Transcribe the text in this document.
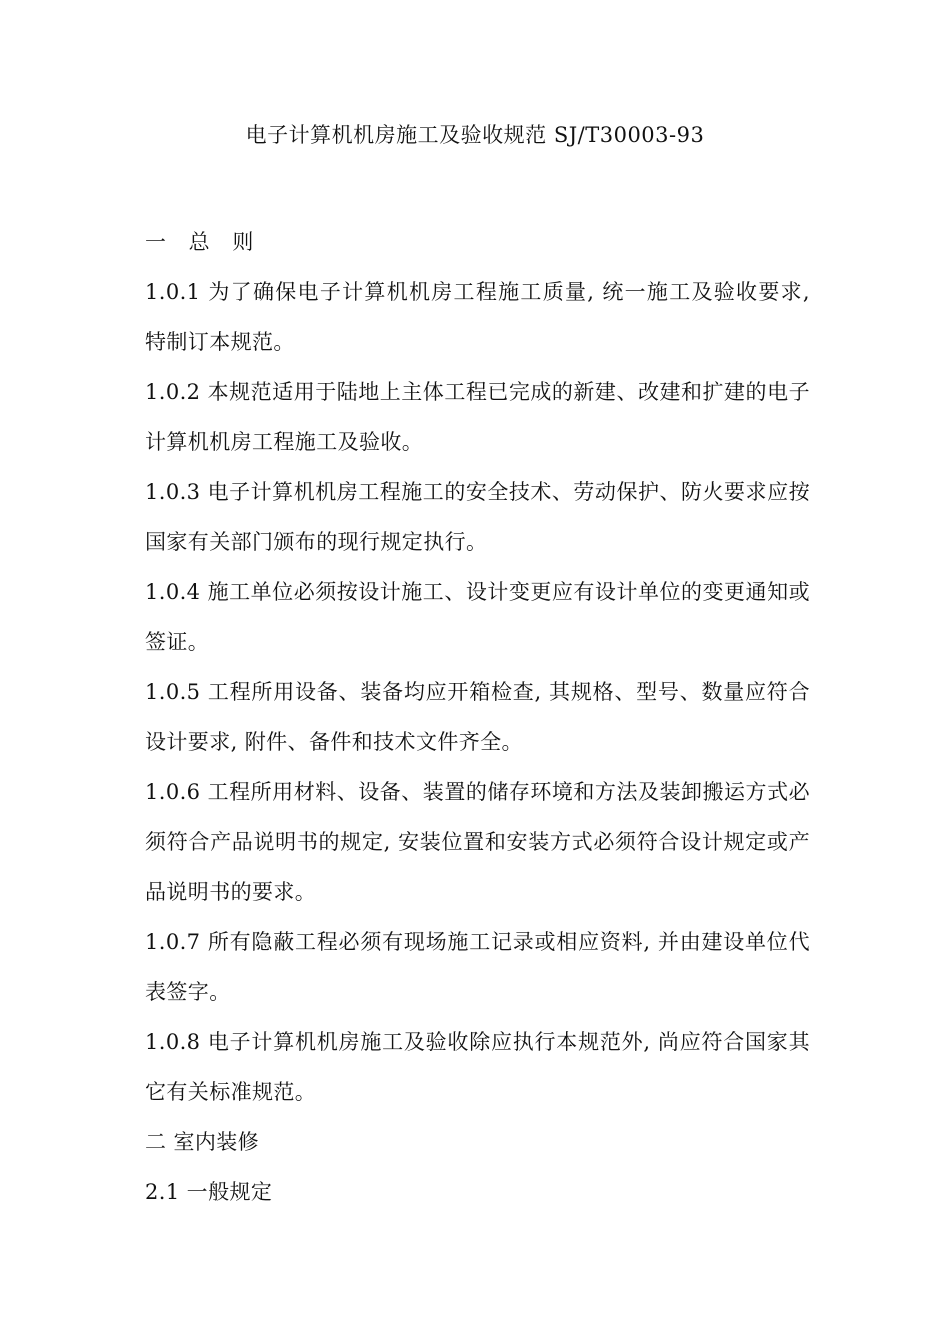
电子计算机机房施工及验收规范 SJ/T30003-93

一 总 则

1.0.1 为了确保电子计算机机房工程施工质量, 统一施工及验收要求, 特制订本规范。

1.0.2 本规范适用于陆地上主体工程已完成的新建、改建和扩建的电子计算机机房工程施工及验收。

1.0.3 电子计算机机房工程施工的安全技术、劳动保护、防火要求应按国家有关部门颁布的现行规定执行。

1.0.4 施工单位必须按设计施工、设计变更应有设计单位的变更通知或签证。

1.0.5 工程所用设备、装备均应开箱检查, 其规格、型号、数量应符合设计要求, 附件、备件和技术文件齐全。

1.0.6 工程所用材料、设备、装置的储存环境和方法及装卸搬运方式必须符合产品说明书的规定, 安装位置和安装方式必须符合设计规定或产品说明书的要求。

1.0.7 所有隐蔽工程必须有现场施工记录或相应资料, 并由建设单位代表签字。

1.0.8 电子计算机机房施工及验收除应执行本规范外, 尚应符合国家其它有关标准规范。

二 室内装修

2.1 一般规定
